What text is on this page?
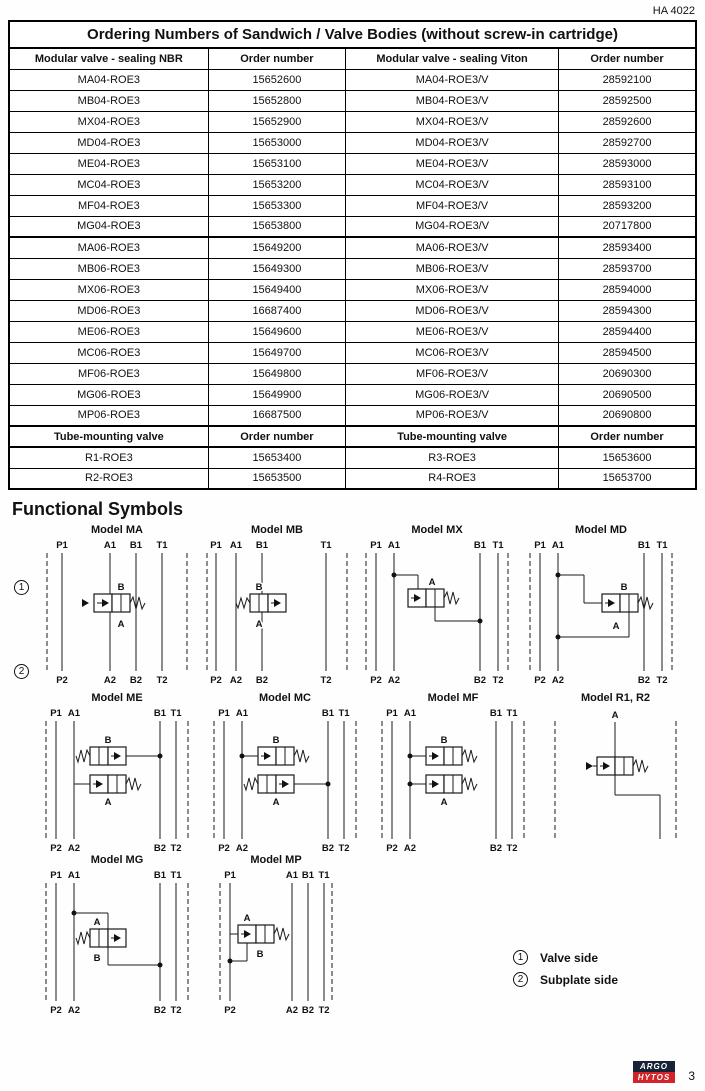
HA 4022
Ordering Numbers of Sandwich / Valve Bodies (without screw-in cartridge)
Modular valve - sealing NBR	Order number	Modular valve - sealing Viton	Order number
MA04-ROE3	15652600	MA04-ROE3/V	28592100
MB04-ROE3	15652800	MB04-ROE3/V	28592500
MX04-ROE3	15652900	MX04-ROE3/V	28592600
MD04-ROE3	15653000	MD04-ROE3/V	28592700
ME04-ROE3	15653100	ME04-ROE3/V	28593000
MC04-ROE3	15653200	MC04-ROE3/V	28593100
MF04-ROE3	15653300	MF04-ROE3/V	28593200
MG04-ROE3	15653800	MG04-ROE3/V	20717800
MA06-ROE3	15649200	MA06-ROE3/V	28593400
MB06-ROE3	15649300	MB06-ROE3/V	28593700
MX06-ROE3	15649400	MX06-ROE3/V	28594000
MD06-ROE3	16687400	MD06-ROE3/V	28594300
ME06-ROE3	15649600	ME06-ROE3/V	28594400
MC06-ROE3	15649700	MC06-ROE3/V	28594500
MF06-ROE3	15649800	MF06-ROE3/V	20690300
MG06-ROE3	15649900	MG06-ROE3/V	20690500
MP06-ROE3	16687500	MP06-ROE3/V	20690800
Tube-mounting valve	Order number	Tube-mounting valve	Order number
R1-ROE3	15653400	R3-ROE3	15653600
R2-ROE3	15653500	R4-ROE3	15653700
Functional Symbols
1
2
Model MA
B
A
P1	A1 B1 T1
P2	A2 B2 T2
Model MB
B
A
P1 A1 B1	T1
P2 A2 B2	T2
Model MX
A
P1 A1	B1 T1
P2 A2	B2 T2
Model MD
B
A
P1 A1	B1 T1
P2 A2	B2 T2
Model ME
B
A
P1 A1	B1 T1
P2 A2	B2 T2
Model MC
B
A
P1 A1	B1 T1
P2 A2	B2 T2
Model MF
B
A
P1 A1	B1 T1
P2 A2	B2 T2
Model R1, R2
A
Model MG
A
B
P1 A1	B1 T1
P2 A2	B2 T2
Model MP
A
B
P1	A1 B1 T1
P2	A2 B2 T2
1	Valve side
2	Subplate side
ARGO
HYTOS	3
